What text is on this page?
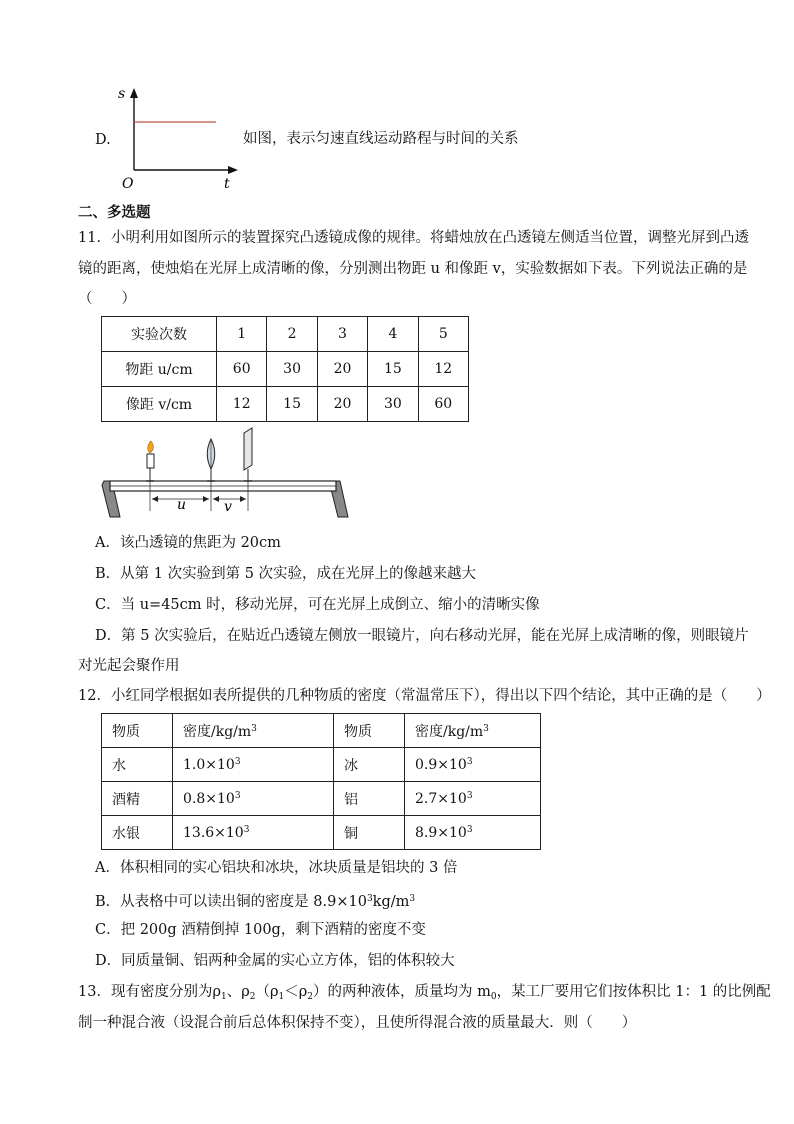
D.
s
t
O
如图，表示匀速直线运动路程与时间的关系
二、多选题
11．小明利用如图所示的装置探究凸透镜成像的规律。将蜡烛放在凸透镜左侧适当位置，调整光屏到凸透
镜的距离，使烛焰在光屏上成清晰的像，分别测出物距 u 和像距 v，实验数据如下表。下列说法正确的是
（　　）
实验次数	1	2	3	4	5
物距 u/cm	60	30	20	15	12
像距 v/cm	12	15	20	30	60
u	v
A．该凸透镜的焦距为 20cm
B．从第 1 次实验到第 5 次实验，成在光屏上的像越来越大
C．当 u=45cm 时，移动光屏，可在光屏上成倒立、缩小的清晰实像
D．第 5 次实验后，在贴近凸透镜左侧放一眼镜片，向右移动光屏，能在光屏上成清晰的像，则眼镜片
对光起会聚作用
12．小红同学根据如表所提供的几种物质的密度（常温常压下），得出以下四个结论，其中正确的是（　　）
物质	密度$/kg/m^3$	物质	密度$/kg/m^3$
水	$1.0\times 10^3$	冰	$0.9\times 10^3$
酒精	$0.8\times 10^3$	铝	$2.7\times 10^3$
水银	$13.6\times 10^3$	铜	$8.9\times 10^3$
A．体积相同的实心铝块和冰块，冰块质量是铝块的 3 倍
B．从表格中可以读出铜的密度是 $8.9\times 10^3kg/m^3$
C．把 200g 酒精倒掉 100g，剩下酒精的密度不变
D．同质量铜、铝两种金属的实心立方体，铝的体积较大
13．现有密度分别为$\rho_1$、$\rho_2(\rho_1<\rho_2)$的两种液体，质量均为 $m_0$，某工厂要用它们按体积比 1：1 的比例配
制一种混合液（设混合前后总体积保持不变），且使所得混合液的质量最大．则（　　）
